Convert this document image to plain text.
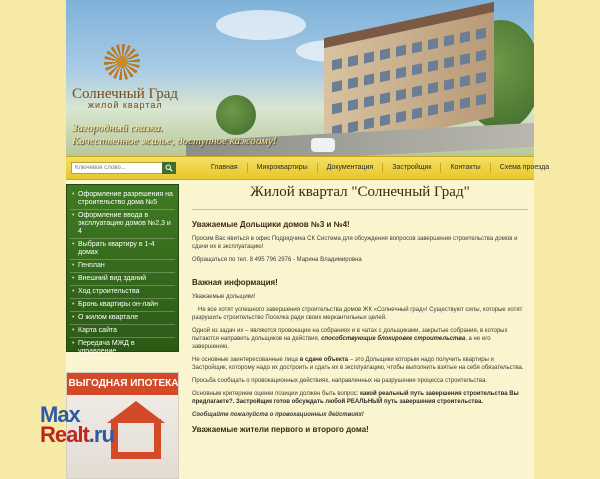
Солнечный Град
жилой квартал
Загородный сказка.
Качественное жилье, доступное каждому!
Ключевое слово...
Главная	Микроквартиры	Документация	Застройщик	Контакты	Схема проезда
• Оформление разрешения на строительство дома №5
• Оформление ввода в эксплуатацию домов №2,3 и 4
• Выбрать квартиру в 1-4 домах
• Генплан
• Внешний вид зданий
• Ход строительства
• Бронь квартиры он-лайн
• О жилом квартале
• Карта сайта
• Передача МЖД в управление
ВЫГОДНАЯ ИПОТЕКА
Жилой квартал "Солнечный Град"
Уважаемые Дольщики домов №3 и №4!

Просим Вас явиться в офис Подрядчика СК Система для обсуждения вопросов завершения строительства домов и сдачи их в эксплуатацию!

Обращаться по тел. 8 495 796 2976 - Марина Владимировна

Важная информация!

Уважаемые дольщики!

Не все хотят успешного завершения строительства домов ЖК «Солнечный град»! Существуют силы, которые хотят разрушить строительство Поселка ради своих меркантильных целей.

Одной из задач их – являются провокации на собраниях и в чатах с дольщиками, закрытые собрания, в которых пытаются направить дольщиков на действия, способствующие блокировке строительства, а не его завершению.

Не основные заинтересованные лица в сдаче объекта – это Дольщики которым надо получить квартиры и Застройщик, которому надо их достроить и сдать их в эксплуатацию, чтобы выполнить взятые на себя обязательства.

Просьба сообщать о провокационных действиях, направленных на разрушение процесса строительства.

Основным критерием оценки позиции должен быть вопрос: какой реальный путь завершения строительства Вы предлагаете?. Застройщик готов обсуждать любой РЕАЛЬНЫЙ путь завершения строительства.

Сообщайте пожалуйста о провокационных действиях!

Уважаемые жители первого и второго дома!
Max
Realt.ru
